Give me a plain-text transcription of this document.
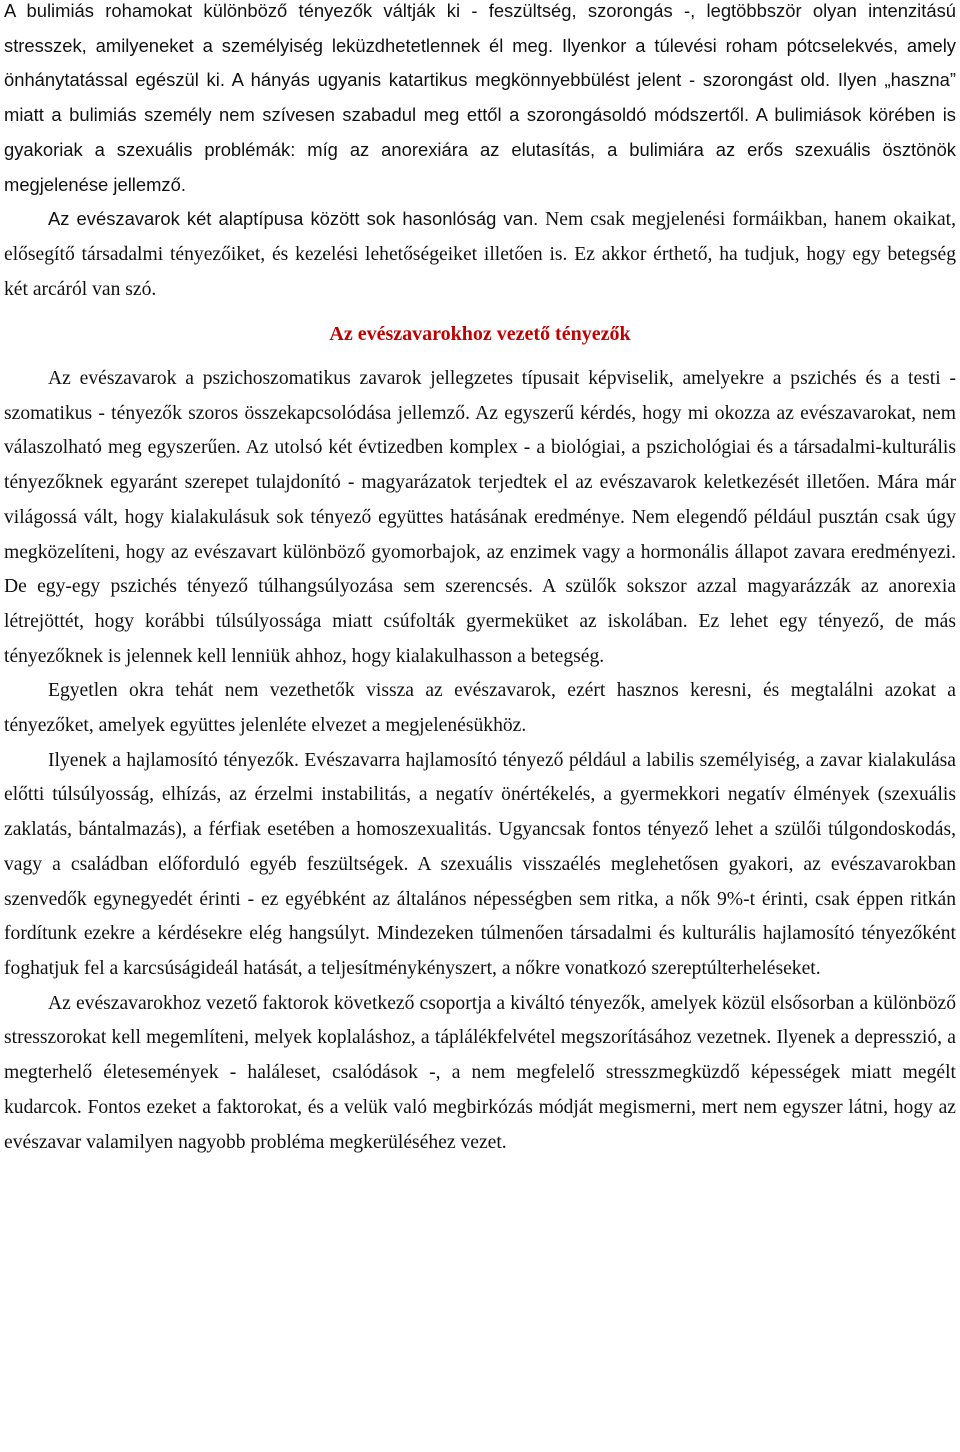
A bulimiás rohamokat különböző tényezők váltják ki - feszültség, szorongás -, legtöbbször olyan intenzitású stresszek, amilyeneket a személyiség leküzdhetetlennek él meg. Ilyenkor a túlevési roham pótcselekvés, amely önhánytatással egészül ki. A hányás ugyanis katartikus megkönnyebbülést jelent - szorongást old. Ilyen „haszna” miatt a bulimiás személy nem szívesen szabadul meg ettől a szorongásoldó módszertől. A bulimiások körében is gyakoriak a szexuális problémák: míg az anorexiára az elutasítás, a bulimiára az erős szexuális ösztönök megjelenése jellemző.

Az evészavarok két alaptípusa között sok hasonlóság van. Nem csak megjelenési formáikban, hanem okaikat, elősegítő társadalmi tényezőiket, és kezelési lehetőségeiket illetően is. Ez akkor érthető, ha tudjuk, hogy egy betegség két arcáról van szó.

Az evészavarokhoz vezető tényezők

Az evészavarok a pszichoszomatikus zavarok jellegzetes típusait képviselik, amelyekre a pszichés és a testi - szomatikus - tényezők szoros összekapcsolódása jellemző. Az egyszerű kérdés, hogy mi okozza az evészavarokat, nem válaszolható meg egyszerűen. Az utolsó két évtizedben komplex - a biológiai, a pszichológiai és a társadalmi-kulturális tényezőknek egyaránt szerepet tulajdonító - magyarázatok terjedtek el az evészavarok keletkezését illetően. Mára már világossá vált, hogy kialakulásuk sok tényező együttes hatásának eredménye. Nem elegendő például pusztán csak úgy megközelíteni, hogy az evészavart különböző gyomorbajok, az enzimek vagy a hormonális állapot zavara eredményezi. De egy-egy pszichés tényező túlhangsúlyozása sem szerencsés. A szülők sokszor azzal magyarázzák az anorexia létrejöttét, hogy korábbi túlsúlyossága miatt csúfolták gyermeküket az iskolában. Ez lehet egy tényező, de más tényezőknek is jelennek kell lenniük ahhoz, hogy kialakulhasson a betegség.

Egyetlen okra tehát nem vezethetők vissza az evészavarok, ezért hasznos keresni, és megtalálni azokat a tényezőket, amelyek együttes jelenléte elvezet a megjelenésükhöz.

Ilyenek a hajlamosító tényezők. Evészavarra hajlamosító tényező például a labilis személyiség, a zavar kialakulása előtti túlsúlyosság, elhízás, az érzelmi instabilitás, a negatív önértékelés, a gyermekkori negatív élmények (szexuális zaklatás, bántalmazás), a férfiak esetében a homoszexualitás. Ugyancsak fontos tényező lehet a szülői túlgondoskodás, vagy a családban előforduló egyéb feszültségek. A szexuális visszaélés meglehetősen gyakori, az evészavarokban szenvedők egynegyedét érinti - ez egyébként az általános népességben sem ritka, a nők 9%-t érinti, csak éppen ritkán fordítunk ezekre a kérdésekre elég hangsúlyt. Mindezeken túlmenően társadalmi és kulturális hajlamosító tényezőként foghatjuk fel a karcsúságideál hatását, a teljesítménykényszert, a nőkre vonatkozó szereptúlterheléseket.

Az evészavarokhoz vezető faktorok következő csoportja a kiváltó tényezők, amelyek közül elsősorban a különböző stresszorokat kell megemlíteni, melyek koplaláshoz, a táplálékfelvétel megszorításához vezetnek. Ilyenek a depresszió, a megterhelő életesemények - haláleset, csalódások -, a nem megfelelő stresszmegküzdő képességek miatt megélt kudarcok. Fontos ezeket a faktorokat, és a velük való megbirkózás módját megismerni, mert nem egyszer látni, hogy az evészavar valamilyen nagyobb probléma megkerüléséhez vezet.
